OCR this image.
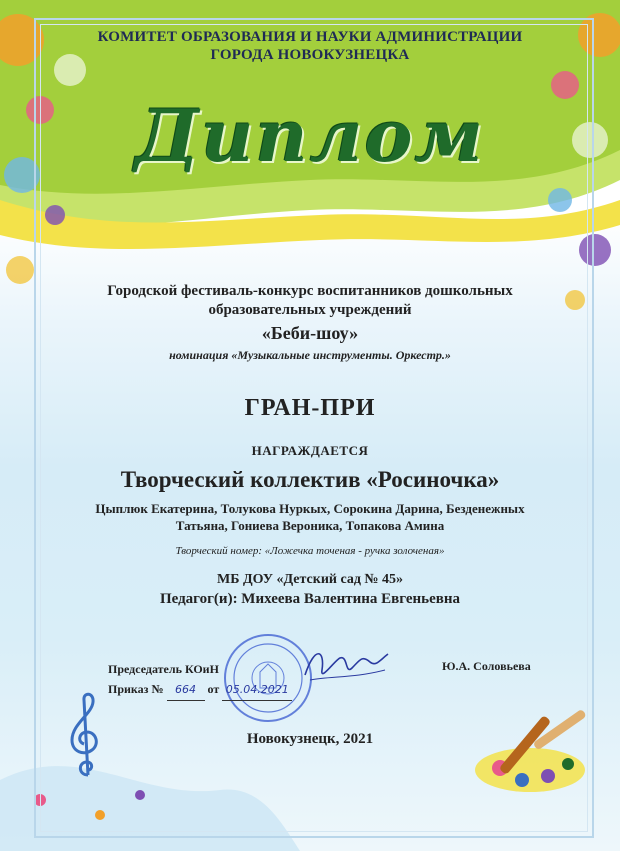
КОМИТЕТ ОБРАЗОВАНИЯ И НАУКИ АДМИНИСТРАЦИИ
ГОРОДА НОВОКУЗНЕЦКА
Диплом
Городской фестиваль-конкурс воспитанников дошкольных образовательных учреждений
«Беби-шоу»
номинация «Музыкальные инструменты. Оркестр.»
ГРАН-ПРИ
НАГРАЖДАЕТСЯ
Творческий коллектив «Росиночка»
Цыплюк Екатерина, Толукова Нуркых, Сорокина Дарина, Безденежных Татьяна, Гониева Вероника, Топакова Амина
Творческий номер: «Ложечка точеная - ручка золоченая»
МБ ДОУ «Детский сад № 45»
Педагог(и): Михеева Валентина Евгеньевна
Председатель КОиН
Приказ № 664 от 05.04.2021
Ю.А. Соловьева
Новокузнецк, 2021
